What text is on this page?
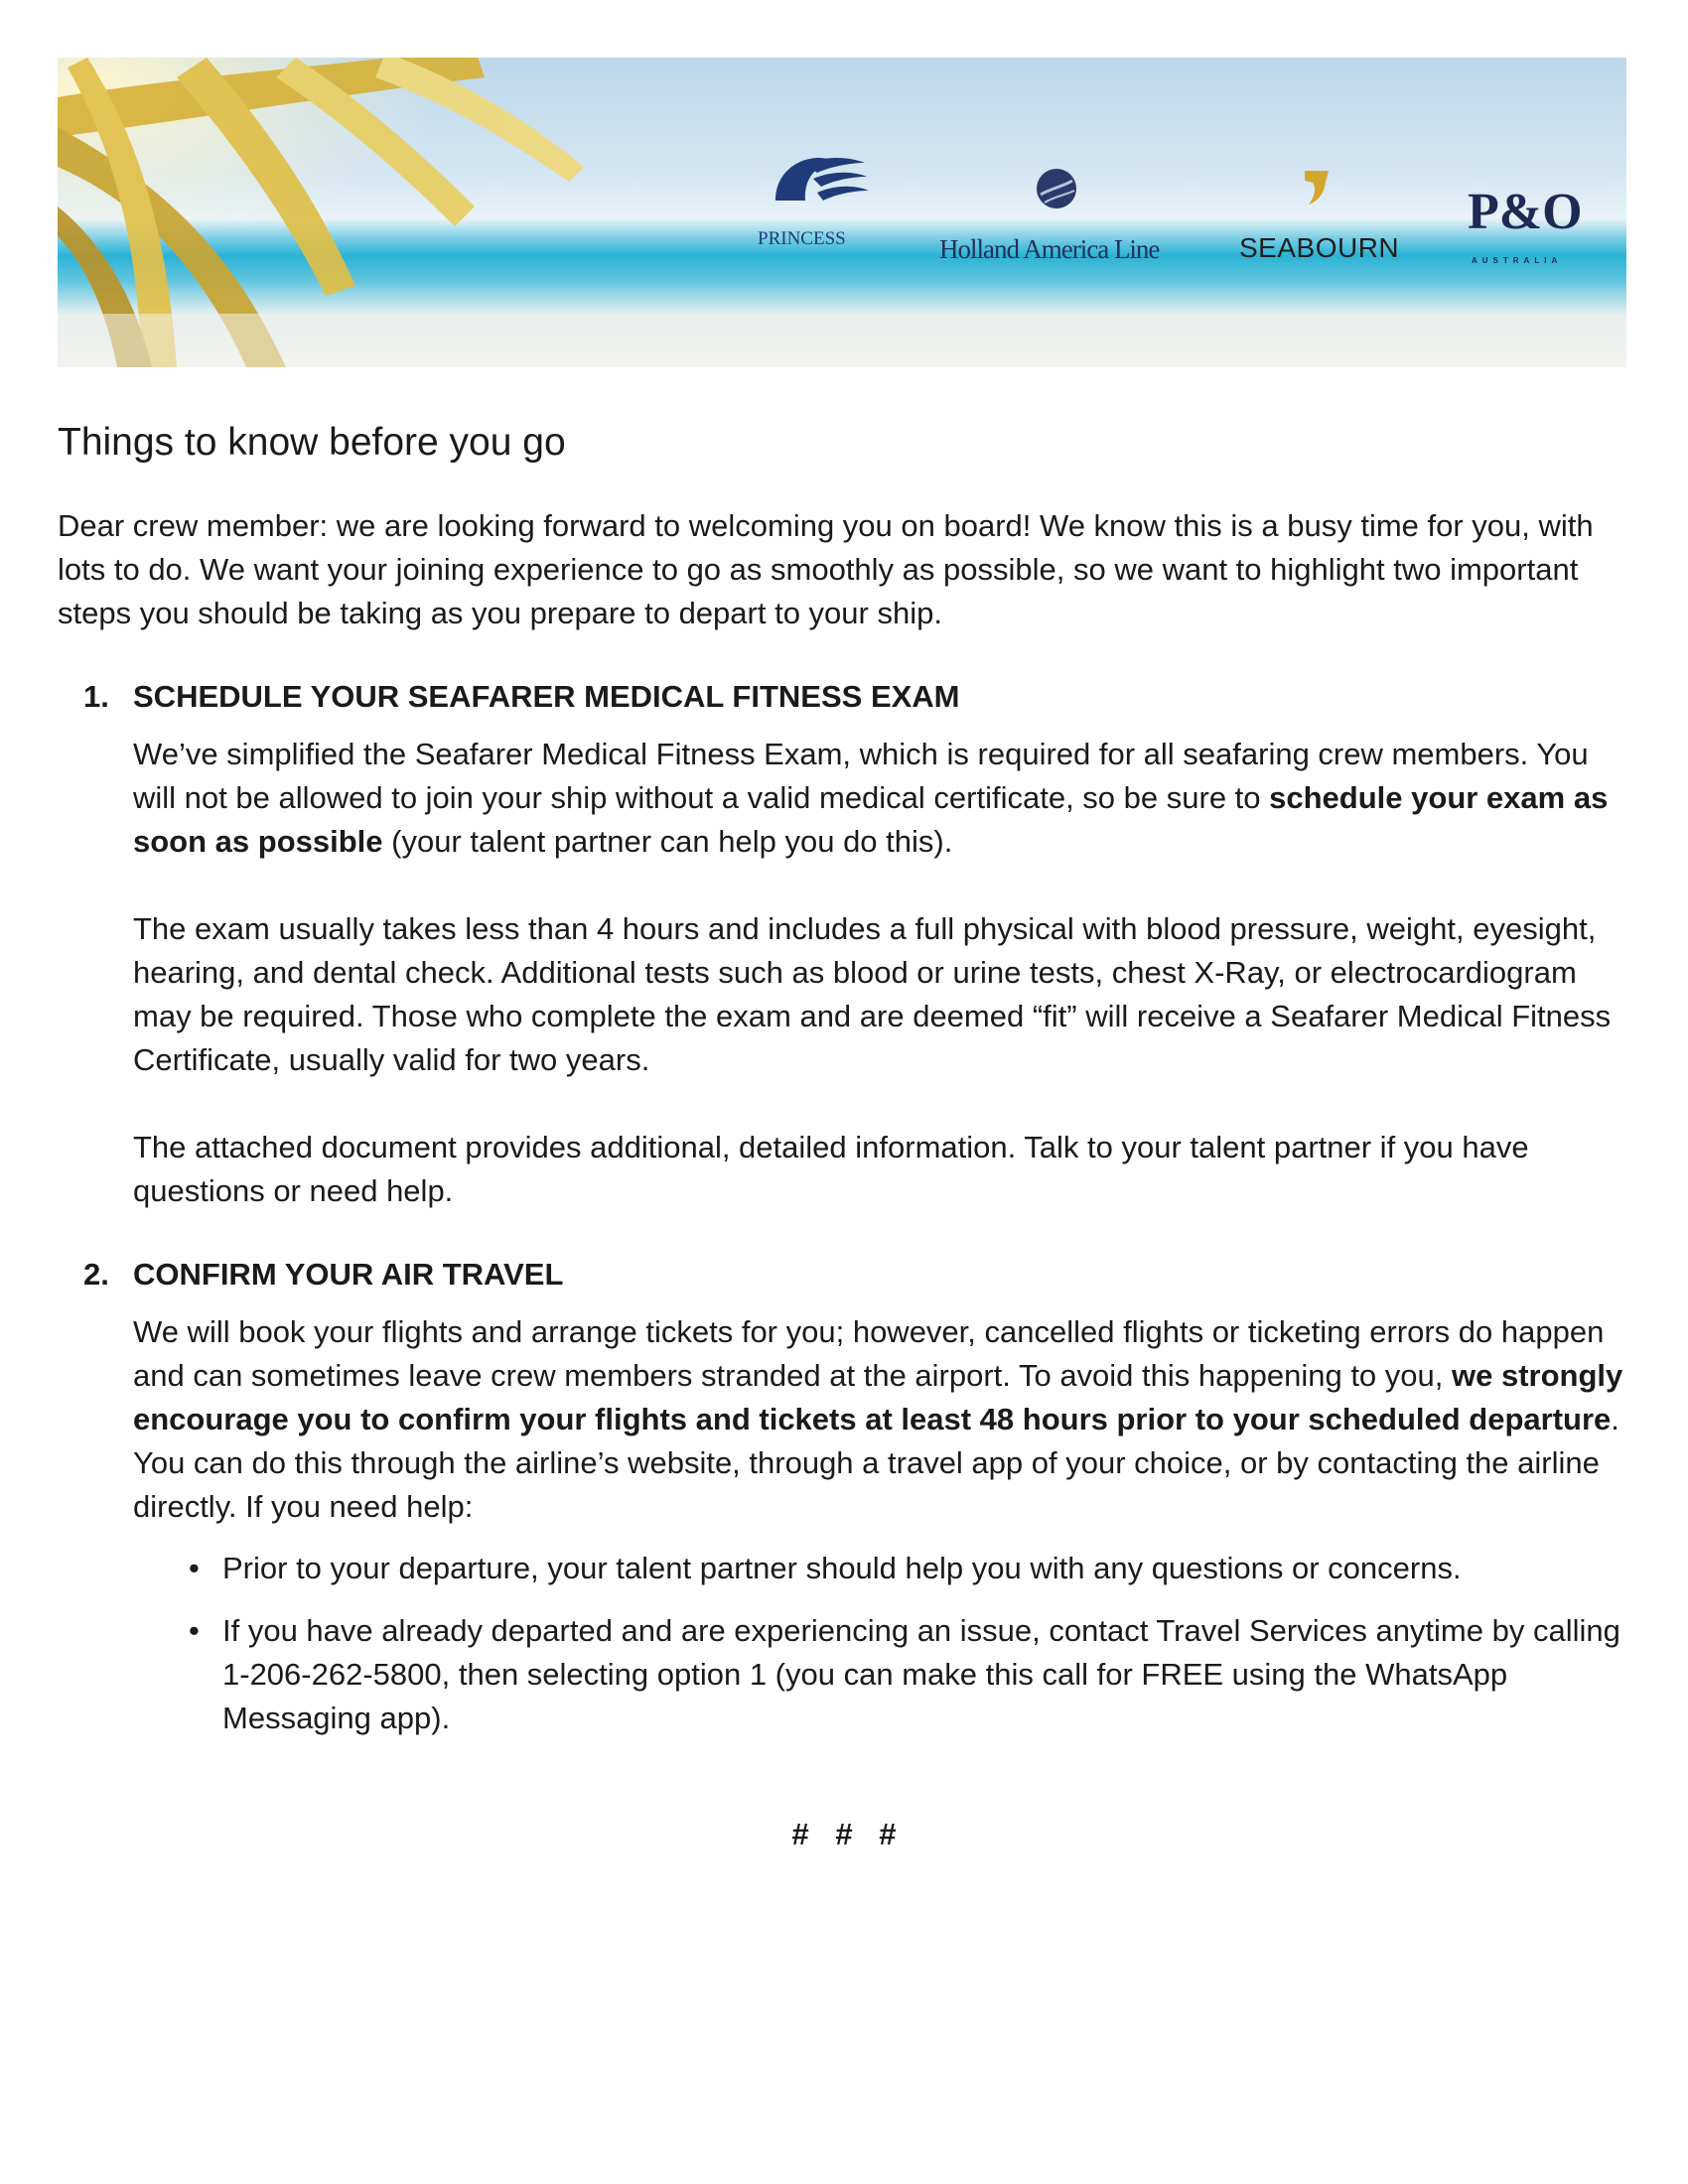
PRINCESS	Holland America Line	SEABOURN
P&O
AUSTRALIA
Things to know before you go

Dear crew member: we are looking forward to welcoming you on board! We know this is a busy time for you, with lots to do. We want your joining experience to go as smoothly as possible, so we want to highlight two important steps you should be taking as you prepare to depart to your ship.

1. SCHEDULE YOUR SEAFARER MEDICAL FITNESS EXAM

We’ve simplified the Seafarer Medical Fitness Exam, which is required for all seafaring crew members. You will not be allowed to join your ship without a valid medical certificate, so be sure to schedule your exam as soon as possible (your talent partner can help you do this).

The exam usually takes less than 4 hours and includes a full physical with blood pressure, weight, eyesight, hearing, and dental check. Additional tests such as blood or urine tests, chest X-Ray, or electrocardiogram may be required. Those who complete the exam and are deemed “fit” will receive a Seafarer Medical Fitness Certificate, usually valid for two years.

The attached document provides additional, detailed information. Talk to your talent partner if you have questions or need help.

2. CONFIRM YOUR AIR TRAVEL

We will book your flights and arrange tickets for you; however, cancelled flights or ticketing errors do happen and can sometimes leave crew members stranded at the airport. To avoid this happening to you, we strongly encourage you to confirm your flights and tickets at least 48 hours prior to your scheduled departure. You can do this through the airline’s website, through a travel app of your choice, or by contacting the airline directly. If you need help:

• Prior to your departure, your talent partner should help you with any questions or concerns.
• If you have already departed and are experiencing an issue, contact Travel Services anytime by calling 1-206-262-5800, then selecting option 1 (you can make this call for FREE using the WhatsApp Messaging app).
# # #
